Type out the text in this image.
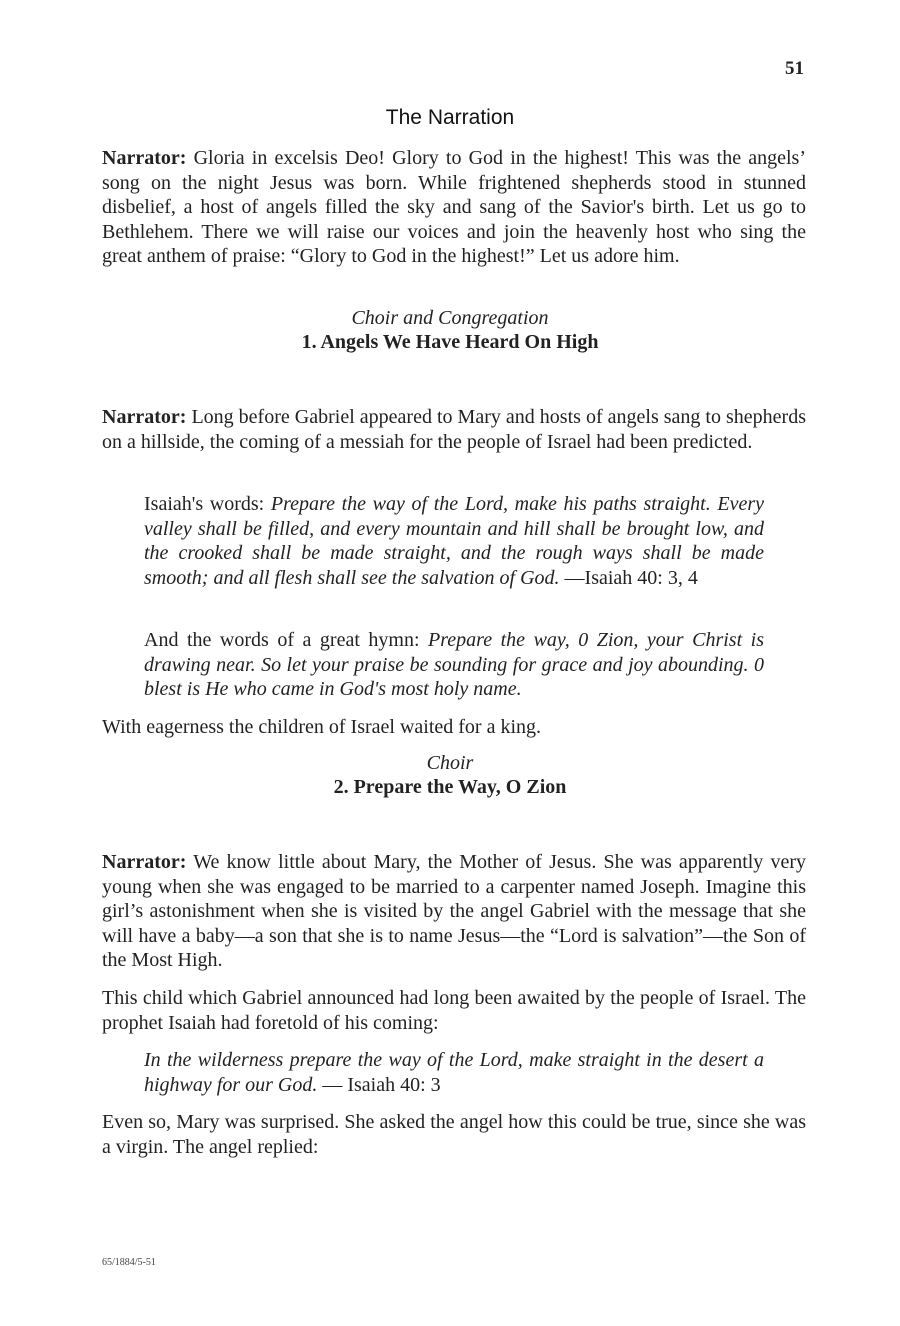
51
The Narration
Narrator: Gloria in excelsis Deo! Glory to God in the highest! This was the angels’ song on the night Jesus was born. While frightened shepherds stood in stunned disbelief, a host of angels filled the sky and sang of the Savior's birth. Let us go to Bethlehem. There we will raise our voices and join the heavenly host who sing the great anthem of praise: “Glory to God in the highest!” Let us adore him.
Choir and Congregation
1. Angels We Have Heard On High
Narrator: Long before Gabriel appeared to Mary and hosts of angels sang to shepherds on a hillside, the coming of a messiah for the people of Israel had been predicted.
Isaiah's words: Prepare the way of the Lord, make his paths straight. Every valley shall be filled, and every mountain and hill shall be brought low, and the crooked shall be made straight, and the rough ways shall be made smooth; and all flesh shall see the salvation of God. —Isaiah 40: 3, 4
And the words of a great hymn: Prepare the way, 0 Zion, your Christ is drawing near. So let your praise be sounding for grace and joy abounding. 0 blest is He who came in God's most holy name.
With eagerness the children of Israel waited for a king.
Choir
2. Prepare the Way, O Zion
Narrator: We know little about Mary, the Mother of Jesus. She was apparently very young when she was engaged to be married to a carpenter named Joseph. Imagine this girl’s astonishment when she is visited by the angel Gabriel with the message that she will have a baby—a son that she is to name Jesus—the “Lord is salvation”—the Son of the Most High.
This child which Gabriel announced had long been awaited by the people of Israel. The prophet Isaiah had foretold of his coming:
In the wilderness prepare the way of the Lord, make straight in the desert a highway for our God. — Isaiah 40: 3
Even so, Mary was surprised. She asked the angel how this could be true, since she was a virgin. The angel replied:
65/1884/5-51
